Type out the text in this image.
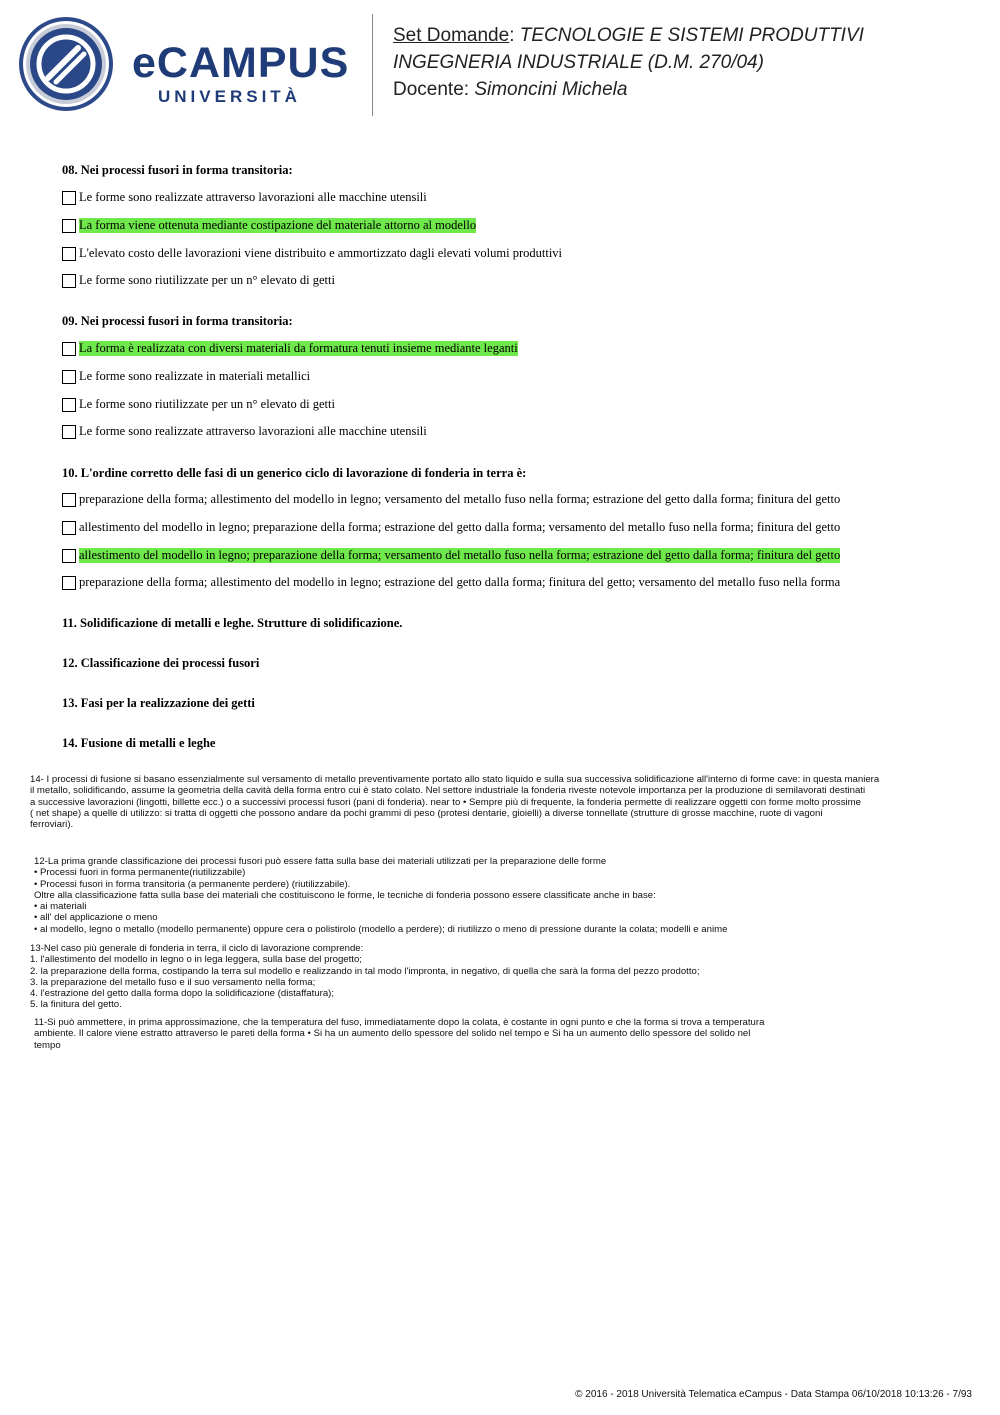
eCAMPUS
UNIVERSITÀ
Set Domande: TECNOLOGIE E SISTEMI PRODUTTIVI
INGEGNERIA INDUSTRIALE (D.M. 270/04)
Docente: Simoncini Michela
08. Nei processi fusori in forma transitoria:
Le forme sono realizzate attraverso lavorazioni alle macchine utensili
La forma viene ottenuta mediante costipazione del materiale attorno al modello
L'elevato costo delle lavorazioni viene distribuito e ammortizzato dagli elevati volumi produttivi
Le forme sono riutilizzate per un n° elevato di getti
09. Nei processi fusori in forma transitoria:
La forma è realizzata con diversi materiali da formatura tenuti insieme mediante leganti
Le forme sono realizzate in materiali metallici
Le forme sono riutilizzate per un n° elevato di getti
Le forme sono realizzate attraverso lavorazioni alle macchine utensili
10. L'ordine corretto delle fasi di un generico ciclo di lavorazione di fonderia in terra è:
preparazione della forma; allestimento del modello in legno; versamento del metallo fuso nella forma; estrazione del getto dalla forma; finitura del getto
allestimento del modello in legno; preparazione della forma; estrazione del getto dalla forma; versamento del metallo fuso nella forma; finitura del getto
allestimento del modello in legno; preparazione della forma; versamento del metallo fuso nella forma; estrazione del getto dalla forma; finitura del getto
preparazione della forma; allestimento del modello in legno; estrazione del getto dalla forma; finitura del getto; versamento del metallo fuso nella forma
11. Solidificazione di metalli e leghe. Strutture di solidificazione.
12. Classificazione dei processi fusori
13. Fasi per la realizzazione dei getti
14. Fusione di metalli e leghe
14- I processi di fusione si basano essenzialmente sul versamento di metallo preventivamente portato allo stato liquido e sulla sua successiva solidificazione all'interno di forme cave: in questa maniera
il metallo, solidificando, assume la geometria della cavità della forma entro cui è stato colato. Nel settore industriale la fonderia riveste notevole importanza per la produzione di semilavorati destinati
a successive lavorazioni (lingotti, billette ecc.) o a successivi processi fusori (pani di fonderia). near to • Sempre più di frequente, la fonderia permette di realizzare oggetti con forme molto prossime
( net shape) a quelle di utilizzo: si tratta di oggetti che possono andare da pochi grammi di peso (protesi dentarie, gioielli) a diverse tonnellate (strutture di grosse macchine, ruote di vagoni
ferroviari).
12-La prima grande classificazione dei processi fusori può essere fatta sulla base dei materiali utilizzati per la preparazione delle forme
• Processi fuori in forma permanente(riutilizzabile)
• Processi fusori in forma transitoria (a permanente perdere) (riutilizzabile).
Oltre alla classificazione fatta sulla base dei materiali che costituiscono le forme, le tecniche di fonderia possono essere classificate anche in base:
• ai materiali
• all' del applicazione o meno
• al modello, legno o metallo (modello permanente) oppure cera o polistirolo (modello a perdere); di riutilizzo o meno di pressione durante la colata; modelli e anime
13-Nel caso più generale di fonderia in terra, il ciclo di lavorazione comprende:
1. l'allestimento del modello in legno o in lega leggera, sulla base del progetto;
2. la preparazione della forma, costipando la terra sul modello e realizzando in tal modo l'impronta, in negativo, di quella che sarà la forma del pezzo prodotto;
3. la preparazione del metallo fuso e il suo versamento nella forma;
4. l'estrazione del getto dalla forma dopo la solidificazione (distaffatura);
5. la finitura del getto.
11-Si può ammettere, in prima approssimazione, che la temperatura del fuso, immediatamente dopo la colata, è costante in ogni punto e che la forma si trova a temperatura
ambiente. Il calore viene estratto attraverso le pareti della forma • Si ha un aumento dello spessore del solido nel tempo e Si ha un aumento dello spessore del solido nel
tempo
© 2016 - 2018 Università Telematica eCampus - Data Stampa 06/10/2018 10:13:26 - 7/93
